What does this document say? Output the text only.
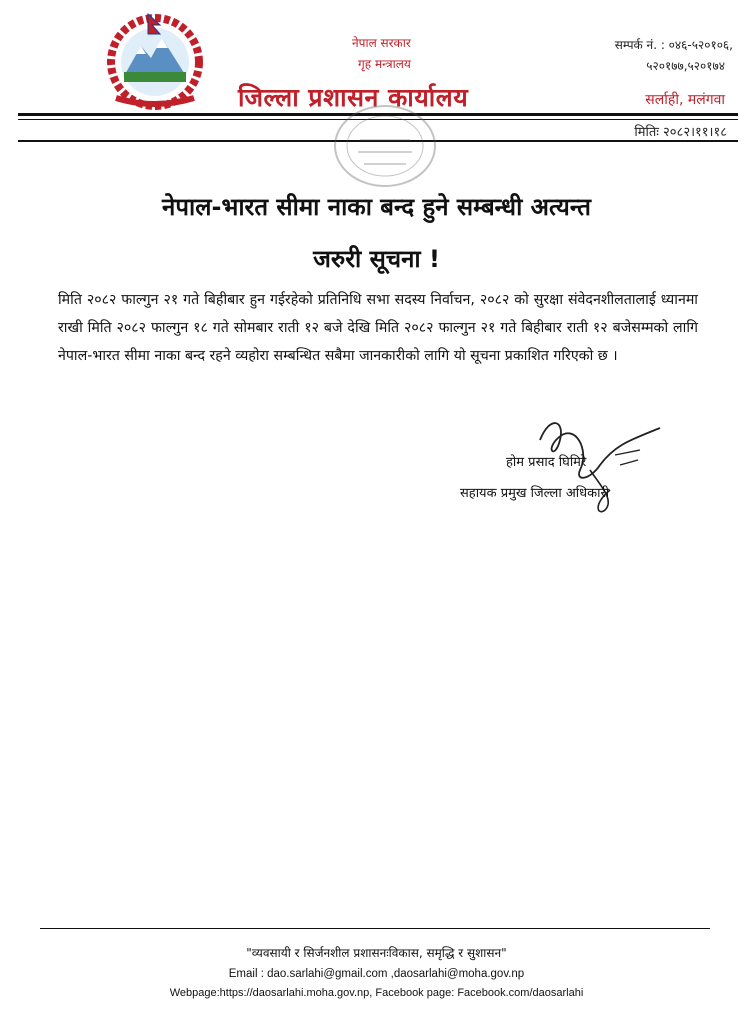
नेपाल सरकार
गृह मन्त्रालय
जिल्ला प्रशासन कार्यालय
सम्पर्क नं. : ०४६-५२०१०६,
५२०१७७,५२०१७४
सर्लाही, मलंगवा
मितिः २०८२।११।१८
नेपाल-भारत सीमा नाका बन्द हुने सम्बन्धी अत्यन्त
जरुरी सूचना !
मिति २०८२ फाल्गुन २१ गते बिहीबार हुन गईरहेको प्रतिनिधि सभा सदस्य निर्वाचन, २०८२ को सुरक्षा संवेदनशीलतालाई ध्यानमा राखी मिति २०८२ फाल्गुन १८ गते सोमबार राती १२ बजे देखि मिति २०८२ फाल्गुन २१ गते बिहीबार राती १२ बजेसम्मको लागि नेपाल-भारत सीमा नाका बन्द रहने व्यहोरा सम्बन्धित सबैमा जानकारीको लागि यो सूचना प्रकाशित गरिएको छ ।
होम प्रसाद घिमिरे
सहायक प्रमुख जिल्ला अधिकारी
"व्यवसायी र सिर्जनशील प्रशासनःविकास, समृद्धि र सुशासन"
Email : dao.sarlahi@gmail.com ,daosarlahi@moha.gov.np
Webpage:https://daosarlahi.moha.gov.np, Facebook page: Facebook.com/daosarlahi
